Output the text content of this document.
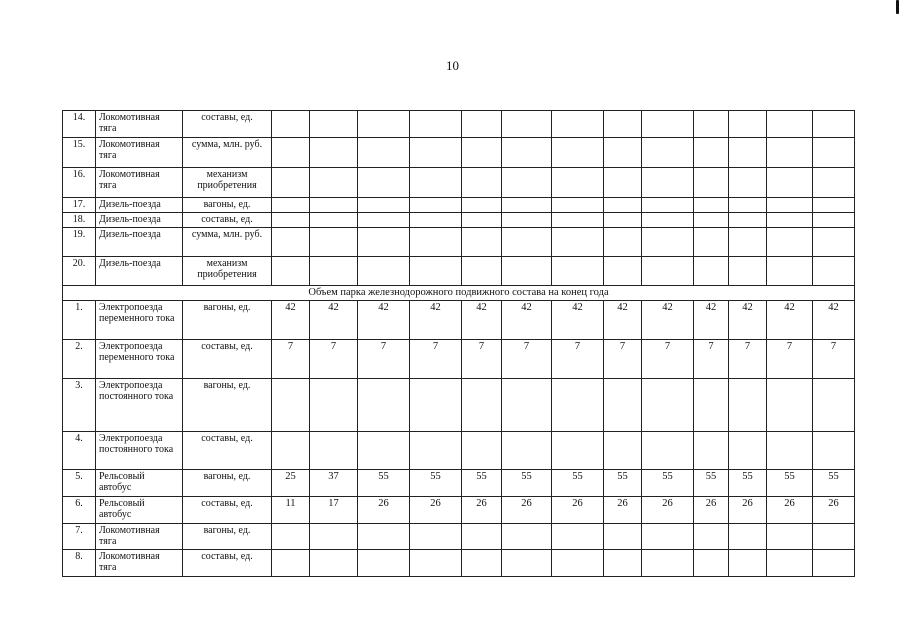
10
14.	Локомотивная тяга	составы, ед.													
15.	Локомотивная тяга	сумма, млн. руб.													
16.	Локомотивная тяга	механизм приобретения													
17.	Дизель-поезда	вагоны, ед.													
18.	Дизель-поезда	составы, ед.													
19.	Дизель-поезда	сумма, млн. руб.													
20.	Дизель-поезда	механизм приобретения													
Объем парка железнодорожного подвижного состава на конец года															
1.	Электропоезда переменного тока	вагоны, ед.	42	42	42	42	42	42	42	42	42	42	42	42	42
2.	Электропоезда переменного тока	составы, ед.	7	7	7	7	7	7	7	7	7	7	7	7	7
3.	Электропоезда постоянного тока	вагоны, ед.													
4.	Электропоезда постоянного тока	составы, ед.													
5.	Рельсовый автобус	вагоны, ед.	25	37	55	55	55	55	55	55	55	55	55	55	55
6.	Рельсовый автобус	составы, ед.	11	17	26	26	26	26	26	26	26	26	26	26	26
7.	Локомотивная тяга	вагоны, ед.													
8.	Локомотивная тяга	составы, ед.													
